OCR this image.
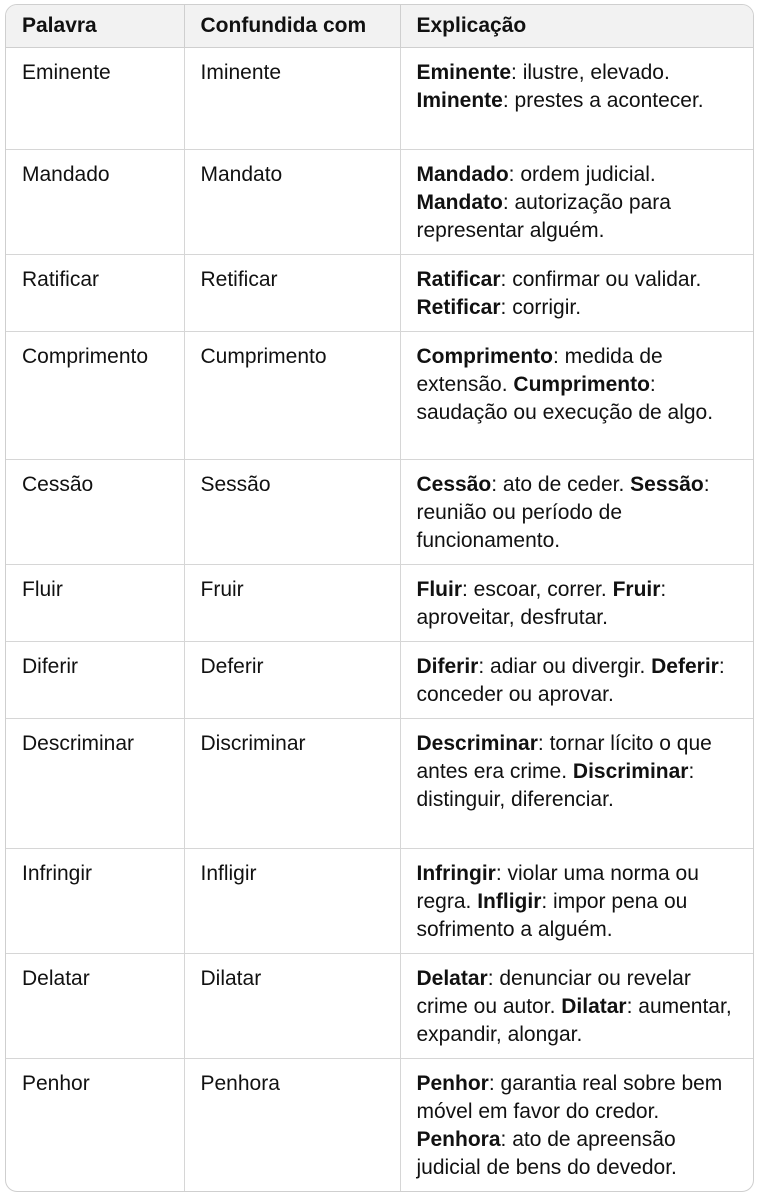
Palavra	Confundida com	Explicação
Eminente	Iminente	Eminente: ilustre, elevado. Iminente: prestes a acontecer.
Mandado	Mandato	Mandado: ordem judicial. Mandato: autorização para representar alguém.
Ratificar	Retificar	Ratificar: confirmar ou validar. Retificar: corrigir.
Comprimento	Cumprimento	Comprimento: medida de extensão. Cumprimento: saudação ou execução de algo.
Cessão	Sessão	Cessão: ato de ceder. Sessão: reunião ou período de funcionamento.
Fluir	Fruir	Fluir: escoar, correr. Fruir: aproveitar, desfrutar.
Diferir	Deferir	Diferir: adiar ou divergir. Deferir: conceder ou aprovar.
Descriminar	Discriminar	Descriminar: tornar lícito o que antes era crime. Discriminar: distinguir, diferenciar.
Infringir	Infligir	Infringir: violar uma norma ou regra. Infligir: impor pena ou sofrimento a alguém.
Delatar	Dilatar	Delatar: denunciar ou revelar crime ou autor. Dilatar: aumentar, expandir, alongar.
Penhor	Penhora	Penhor: garantia real sobre bem móvel em favor do credor. Penhora: ato de apreensão judicial de bens do devedor.
